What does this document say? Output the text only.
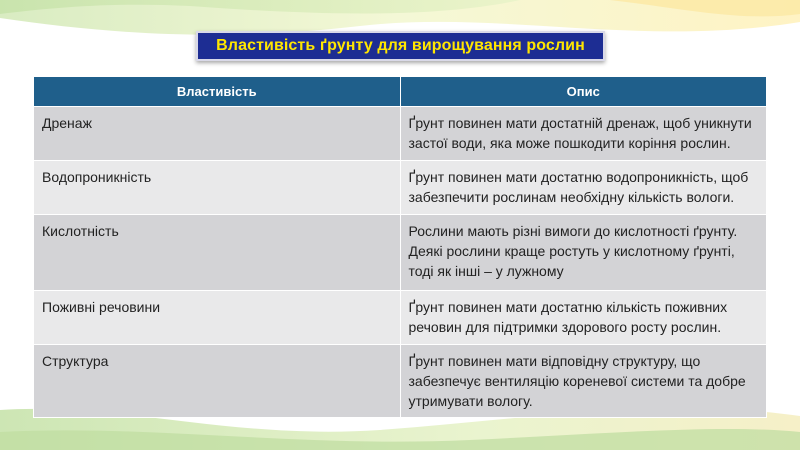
Властивість ґрунту для вирощування рослин
Властивість	Опис
Дренаж	Ґрунт повинен мати достатній дренаж, щоб уникнути застої води, яка може пошкодити коріння рослин.
Водопроникність	Ґрунт повинен мати достатню водопроникність, щоб забезпечити рослинам необхідну кількість вологи.
Кислотність	Рослини мають різні вимоги до кислотності ґрунту. Деякі рослини краще ростуть у кислотному ґрунті, тоді як інші – у лужному
Поживні речовини	Ґрунт повинен мати достатню кількість поживних речовин для підтримки здорового росту рослин.
Структура	Ґрунт повинен мати відповідну структуру, що забезпечує вентиляцію кореневої системи та добре утримувати вологу.
